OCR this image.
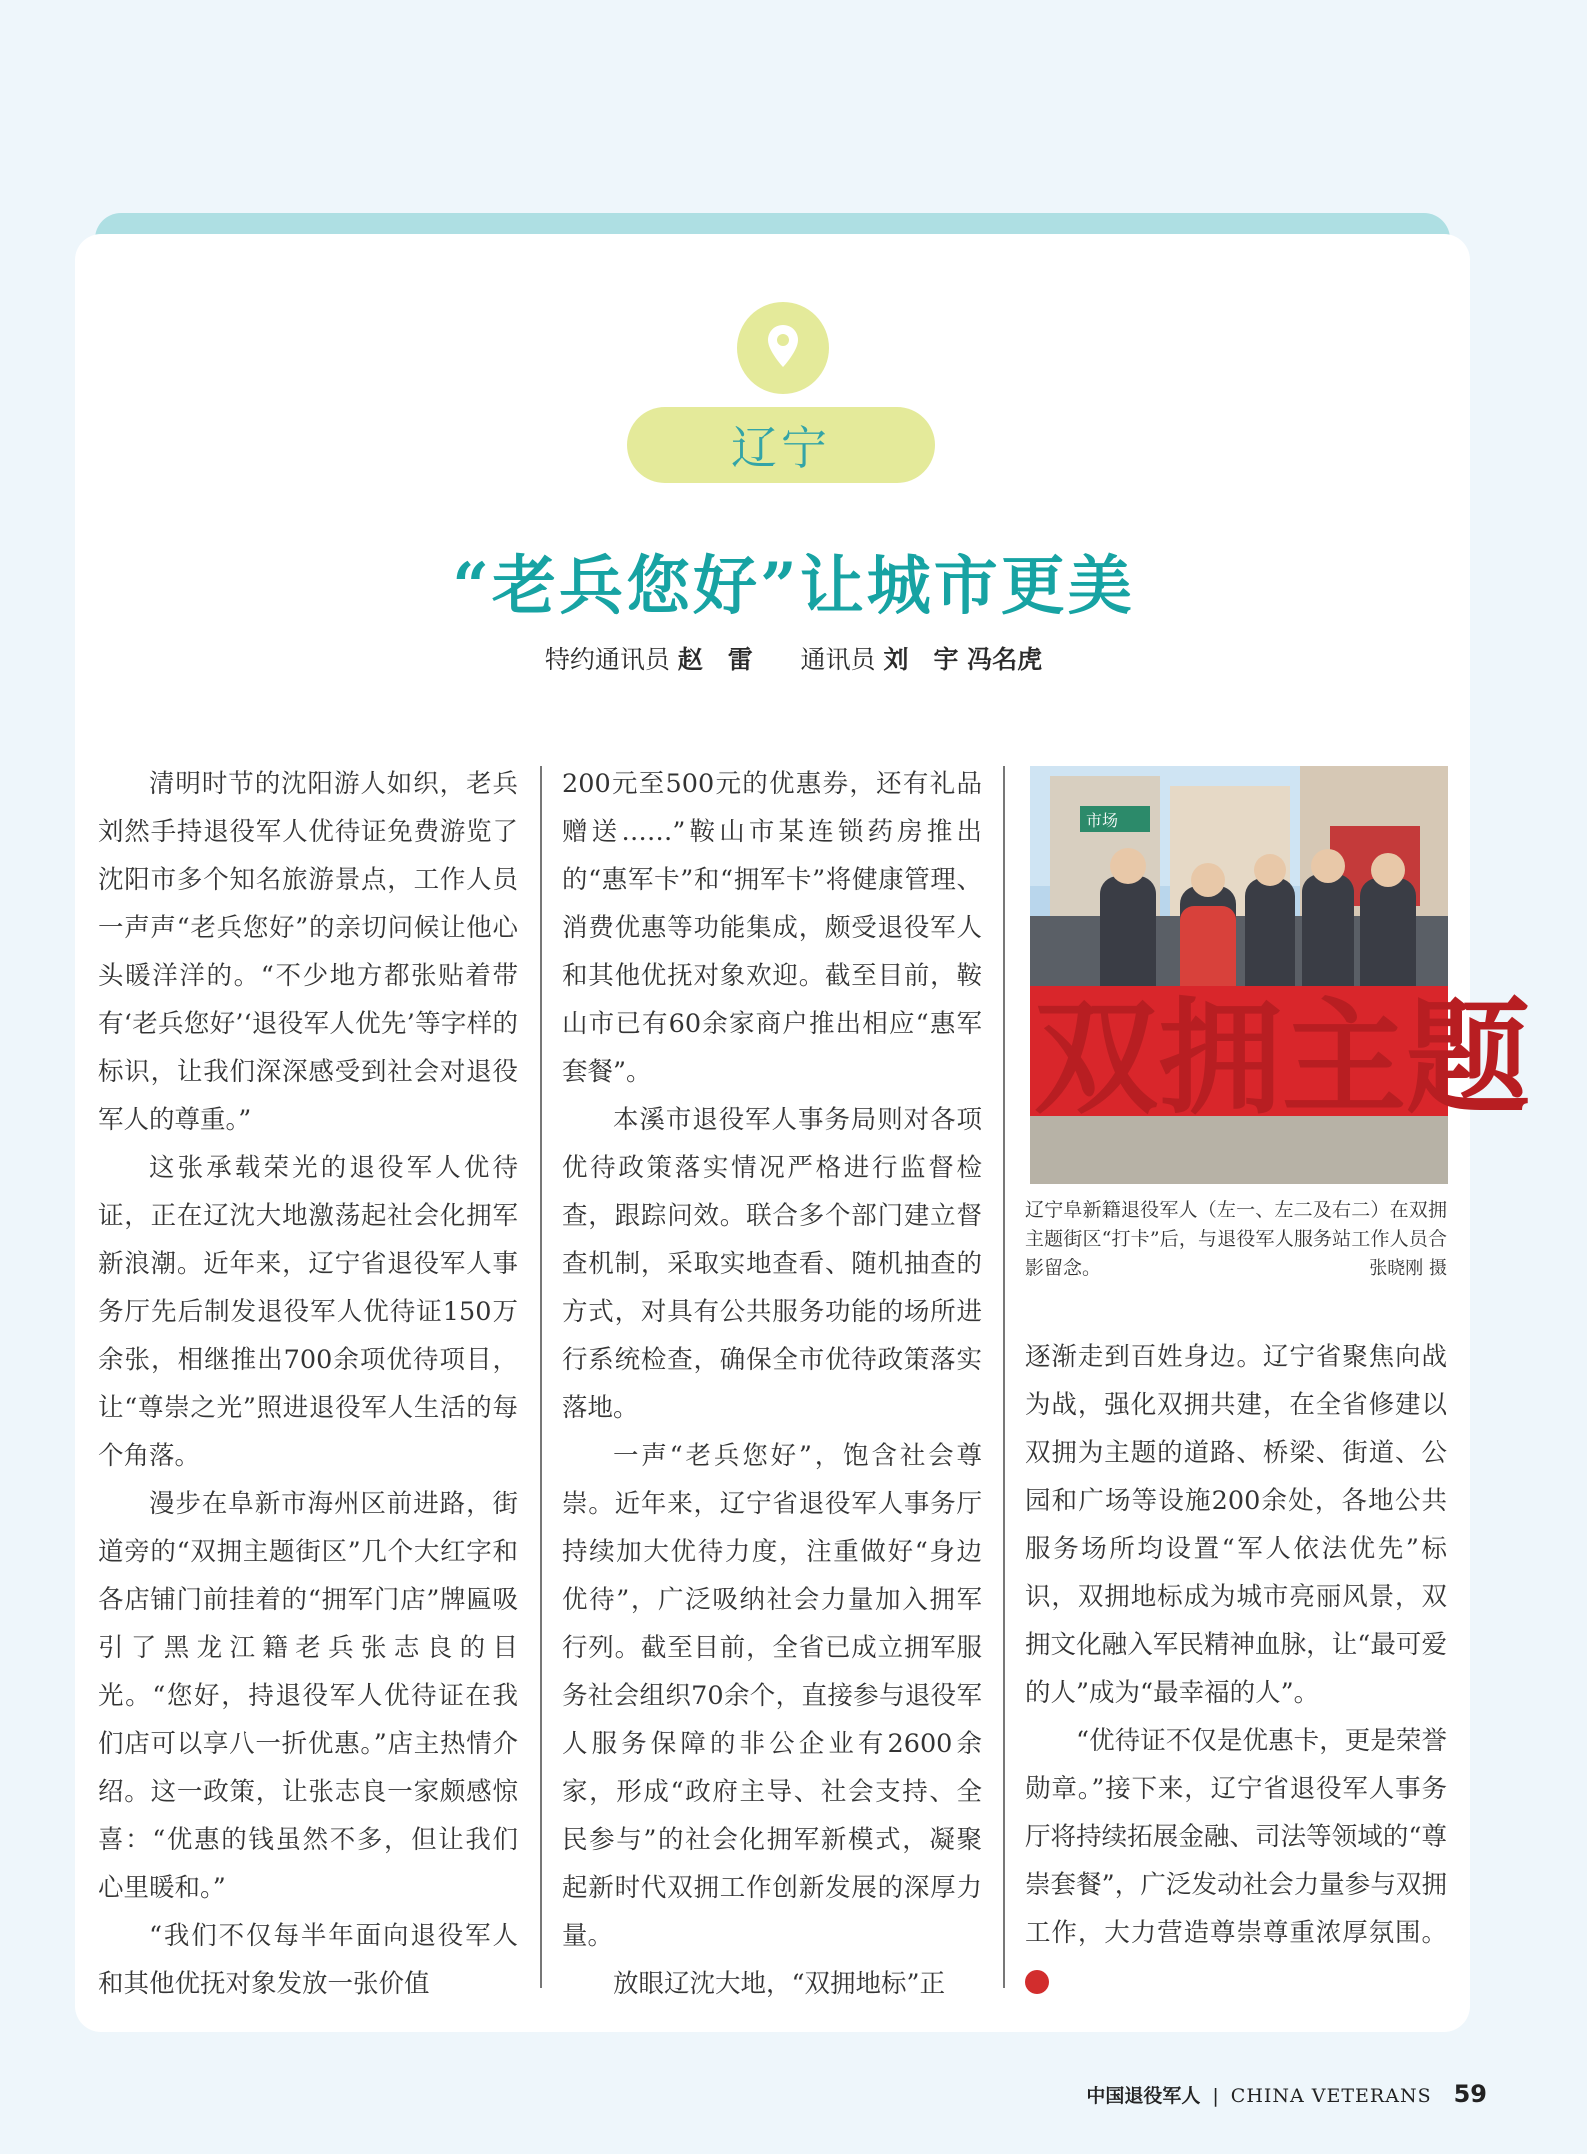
辽宁
“老兵您好”让城市更美
特约通讯员 赵　雷 通讯员 刘　宇 冯名虎

清明时节的沈阳游人如织，老兵刘然手持退役军人优待证免费游览了沈阳市多个知名旅游景点，工作人员一声声“老兵您好”的亲切问候让他心头暖洋洋的。“不少地方都张贴着带有‘老兵您好’‘退役军人优先’等字样的标识，让我们深深感受到社会对退役军人的尊重。”

这张承载荣光的退役军人优待证，正在辽沈大地激荡起社会化拥军新浪潮。近年来，辽宁省退役军人事务厅先后制发退役军人优待证150万余张，相继推出700余项优待项目，让“尊崇之光”照进退役军人生活的每个角落。

漫步在阜新市海州区前进路，街道旁的“双拥主题街区”几个大红字和各店铺门前挂着的“拥军门店”牌匾吸引了黑龙江籍老兵张志良的目光。“您好，持退役军人优待证在我们店可以享八一折优惠。”店主热情介绍。这一政策，让张志良一家颇感惊喜：“优惠的钱虽然不多，但让我们心里暖和。”

“我们不仅每半年面向退役军人和其他优抚对象发放一张价值

200元至500元的优惠券，还有礼品赠送……”鞍山市某连锁药房推出的“惠军卡”和“拥军卡”将健康管理、消费优惠等功能集成，颇受退役军人和其他优抚对象欢迎。截至目前，鞍山市已有60余家商户推出相应“惠军套餐”。

本溪市退役军人事务局则对各项优待政策落实情况严格进行监督检查，跟踪问效。联合多个部门建立督查机制，采取实地查看、随机抽查的方式，对具有公共服务功能的场所进行系统检查，确保全市优待政策落实落地。

一声“老兵您好”，饱含社会尊崇。近年来，辽宁省退役军人事务厅持续加大优待力度，注重做好“身边优待”，广泛吸纳社会力量加入拥军行列。截至目前，全省已成立拥军服务社会组织70余个，直接参与退役军人服务保障的非公企业有2600余家，形成“政府主导、社会支持、全民参与”的社会化拥军新模式，凝聚起新时代双拥工作创新发展的深厚力量。

放眼辽沈大地，“双拥地标”正

市场
双拥主题
辽宁阜新籍退役军人（左一、左二及右二）在双拥主题街区“打卡”后，与退役军人服务站工作人员合影留念。	张晓刚 摄

逐渐走到百姓身边。辽宁省聚焦向战为战，强化双拥共建，在全省修建以双拥为主题的道路、桥梁、街道、公园和广场等设施200余处，各地公共服务场所均设置“军人依法优先”标识，双拥地标成为城市亮丽风景，双拥文化融入军民精神血脉，让“最可爱的人”成为“最幸福的人”。

“优待证不仅是优惠卡，更是荣誉勋章。”接下来，辽宁省退役军人事务厅将持续拓展金融、司法等领域的“尊崇套餐”，广泛发动社会力量参与双拥工作，大力营造尊崇尊重浓厚氛围。V

中国退役军人 | CHINA VETERANS 59
